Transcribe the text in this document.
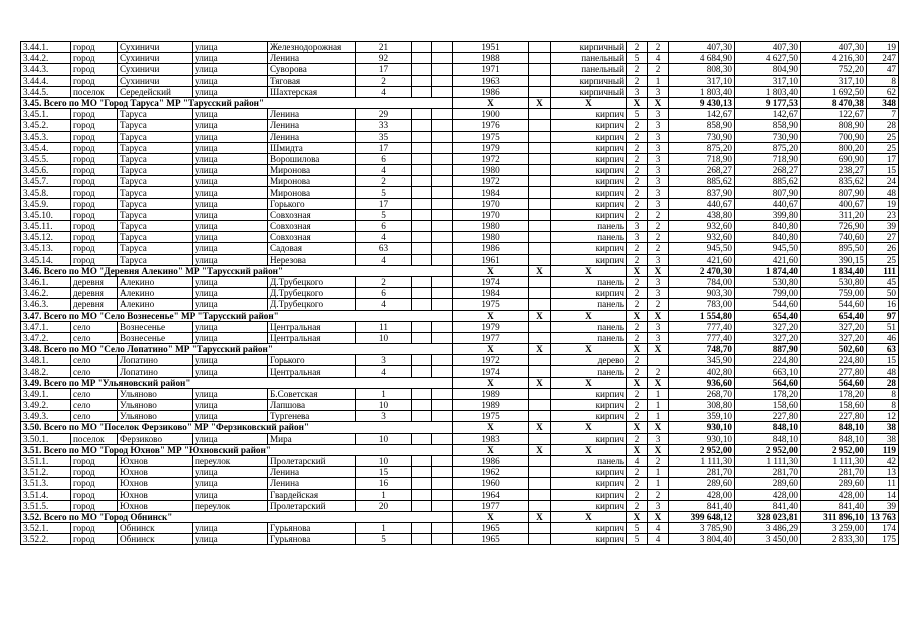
3.44.1.	город	Сухиничи	улица	Железнодорожная	21			1951		кирпичный	2	2	407,30	407,30	407,30	19
3.44.2.	город	Сухиничи	улица	Ленина	92			1988		панельный	5	4	4 684,90	4 627,50	4 216,30	247
3.44.3.	город	Сухиничи	улица	Суворова	17			1971		панельный	2	2	808,30	804,90	752,20	47
3.44.4.	город	Сухиничи	улица	Тяговая	2			1963		кирпичный	2	1	317,10	317,10	317,10	8
3.44.5.	поселок	Середейский	улица	Шахтерская	4			1986		кирпичный	3	3	1 803,40	1 803,40	1 692,50	62
3.45. Всего по МО "Город Таруса" МР "Тарусский район"								X	X	X	X	X	9 430,13	9 177,53	8 470,38	348
3.45.1.	город	Таруса	улица	Ленина	29			1900		кирпич	5	3	142,67	142,67	122,67	7
3.45.2.	город	Таруса	улица	Ленина	33			1976		кирпич	2	3	858,90	858,90	808,90	28
3.45.3.	город	Таруса	улица	Ленина	35			1975		кирпич	2	3	730,90	730,90	700,90	25
3.45.4.	город	Таруса	улица	Шмидта	17			1979		кирпич	2	3	875,20	875,20	800,20	25
3.45.5.	город	Таруса	улица	Ворошилова	6			1972		кирпич	2	3	718,90	718,90	690,90	17
3.45.6.	город	Таруса	улица	Миронова	4			1980		кирпич	2	3	268,27	268,27	238,27	15
3.45.7.	город	Таруса	улица	Миронова	2			1972		кирпич	2	3	885,62	885,62	835,62	24
3.45.8.	город	Таруса	улица	Миронова	5			1984		кирпич	2	3	837,90	807,90	807,90	48
3.45.9.	город	Таруса	улица	Горького	17			1970		кирпич	2	3	440,67	440,67	400,67	19
3.45.10.	город	Таруса	улица	Совхозная	5			1970		кирпич	2	2	438,80	399,80	311,20	23
3.45.11.	город	Таруса	улица	Совхозная	6			1980		панель	3	2	932,60	840,80	726,90	39
3.45.12.	город	Таруса	улица	Совхозная	4			1980		панель	3	2	932,60	840,80	740,60	27
3.45.13.	город	Таруса	улица	Садовая	63			1986		кирпич	2	2	945,50	945,50	895,50	26
3.45.14.	город	Таруса	улица	Нерезова	4			1961		кирпич	2	3	421,60	421,60	390,15	25
3.46. Всего по МО "Деревня Алекино" МР "Тарусский район"								X	X	X	X	X	2 470,30	1 874,40	1 834,40	111
3.46.1.	деревня	Алекино	улица	Д.Трубецкого	2			1974		панель	2	3	784,00	530,80	530,80	45
3.46.2.	деревня	Алекино	улица	Д.Трубецкого	6			1984		кирпич	2	3	903,30	799,00	759,00	50
3.46.3.	деревня	Алекино	улица	Д.Трубецкого	4			1975		панель	2	2	783,00	544,60	544,60	16
3.47. Всего по МО "Село Вознесенье" МР "Тарусский район"								X	X	X	X	X	1 554,80	654,40	654,40	97
3.47.1.	село	Вознесенье	улица	Центральная	11			1979		панель	2	3	777,40	327,20	327,20	51
3.47.2.	село	Вознесенье	улица	Центральная	10			1977		панель	2	3	777,40	327,20	327,20	46
3.48. Всего по МО "Село Лопатино" МР "Тарусский район"								X	X	X	X	X	748,70	887,90	502,60	63
3.48.1.	село	Лопатино	улица	Горького	3			1972		дерево	2		345,90	224,80	224,80	15
3.48.2.	село	Лопатино	улица	Центральная	4			1974		панель	2	2	402,80	663,10	277,80	48
3.49. Всего по МР "Ульяновский район"								X	X	X	X	X	936,60	564,60	564,60	28
3.49.1.	село	Ульяново	улица	Б.Советская	1			1989		кирпич	2	1	268,70	178,20	178,20	8
3.49.2.	село	Ульяново	улица	Лапшова	10			1989		кирпич	2	1	308,80	158,60	158,60	8
3.49.3.	село	Ульяново	улица	Тургенева	3			1975		кирпич	2	1	359,10	227,80	227,80	12
3.50. Всего по МО "Поселок Ферзиково" МР "Ферзиковский район"								X	X	X	X	X	930,10	848,10	848,10	38
3.50.1.	поселок	Ферзиково	улица	Мира	10			1983		кирпич	2	3	930,10	848,10	848,10	38
3.51. Всего по МО "Город Юхнов" МР "Юхновский район"								X	X	X	X	X	2 952,00	2 952,00	2 952,00	119
3.51.1.	город	Юхнов	переулок	Пролетарский	10			1986		панель	4	2	1 111,30	1 111,30	1 111,30	42
3.51.2.	город	Юхнов	улица	Ленина	15			1962		кирпич	2	1	281,70	281,70	281,70	13
3.51.3.	город	Юхнов	улица	Ленина	16			1960		кирпич	2	1	289,60	289,60	289,60	11
3.51.4.	город	Юхнов	улица	Гвардейская	1			1964		кирпич	2	2	428,00	428,00	428,00	14
3.51.5.	город	Юхнов	переулок	Пролетарский	20			1977		кирпич	2	3	841,40	841,40	841,40	39
3.52. Всего по МО "Город Обнинск"								X	X	X	X	X	399 648,12	328 023,81	311 896,10	13 763
3.52.1.	город	Обнинск	улица	Гурьянова	1			1965		кирпич	5	4	3 785,90	3 486,29	3 259,00	174
3.52.2.	город	Обнинск	улица	Гурьянова	5			1965		кирпич	5	4	3 804,40	3 450,00	2 833,30	175
